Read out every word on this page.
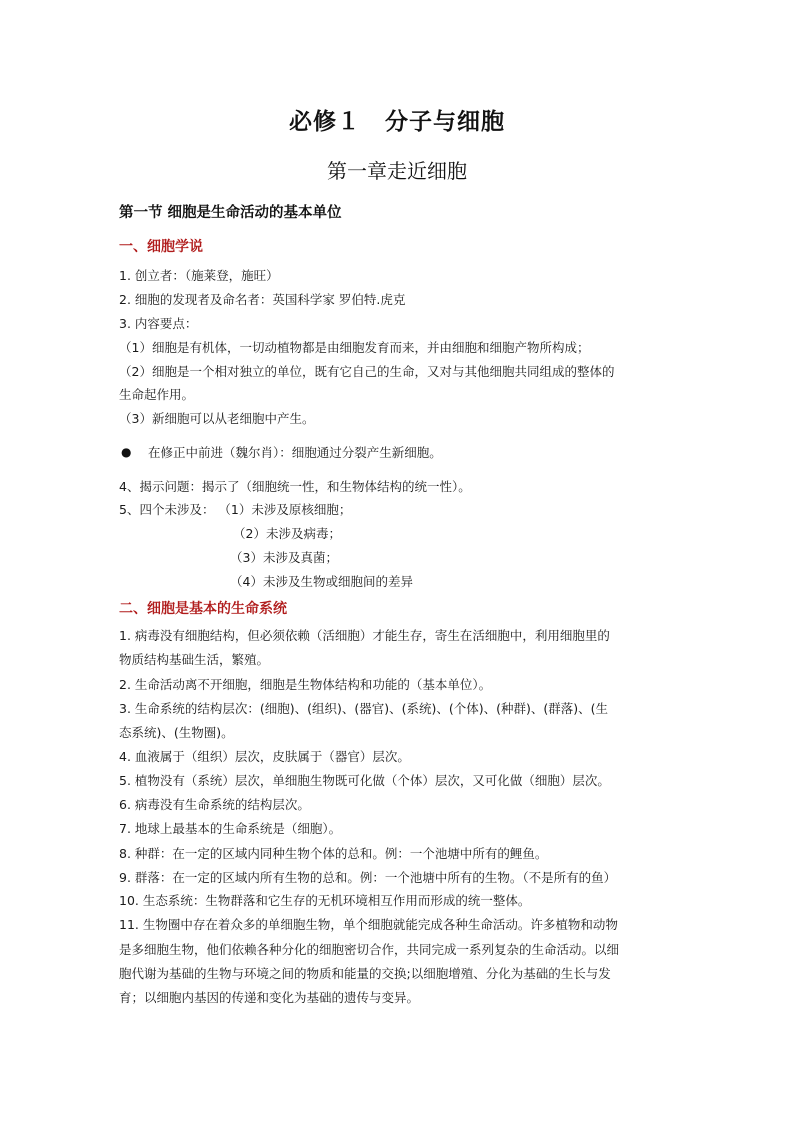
必修１　分子与细胞
第一章走近细胞
第一节 细胞是生命活动的基本单位
一、细胞学说
1. 创立者：（施莱登，施旺）
2. 细胞的发现者及命名者：英国科学家 罗伯特.虎克
3. 内容要点：
（1）细胞是有机体，一切动植物都是由细胞发育而来，并由细胞和细胞产物所构成；
（2）细胞是一个相对独立的单位，既有它自己的生命，又对与其他细胞共同组成的整体的
生命起作用。
（3）新细胞可以从老细胞中产生。
● 在修正中前进（魏尔肖）：细胞通过分裂产生新细胞。
4、揭示问题：揭示了（细胞统一性，和生物体结构的统一性）。
5、四个未涉及： （1）未涉及原核细胞；
（2）未涉及病毒；
（3）未涉及真菌；
（4）未涉及生物或细胞间的差异
二、细胞是基本的生命系统
1. 病毒没有细胞结构，但必须依赖（活细胞）才能生存，寄生在活细胞中，利用细胞里的
物质结构基础生活，繁殖。
2. 生命活动离不开细胞，细胞是生物体结构和功能的（基本单位）。
3. 生命系统的结构层次：(细胞)、(组织)、(器官)、(系统)、(个体)、(种群)、(群落)、(生
态系统)、(生物圈)。
4. 血液属于（组织）层次，皮肤属于（器官）层次。
5. 植物没有（系统）层次，单细胞生物既可化做（个体）层次，又可化做（细胞）层次。
6. 病毒没有生命系统的结构层次。
7. 地球上最基本的生命系统是（细胞）。
8. 种群：在一定的区域内同种生物个体的总和。例：一个池塘中所有的鲤鱼。
9. 群落：在一定的区域内所有生物的总和。例：一个池塘中所有的生物。（不是所有的鱼）
10. 生态系统：生物群落和它生存的无机环境相互作用而形成的统一整体。
11. 生物圈中存在着众多的单细胞生物，单个细胞就能完成各种生命活动。许多植物和动物
是多细胞生物，他们依赖各种分化的细胞密切合作，共同完成一系列复杂的生命活动。以细
胞代谢为基础的生物与环境之间的物质和能量的交换;以细胞增殖、分化为基础的生长与发
育；以细胞内基因的传递和变化为基础的遗传与变异。
